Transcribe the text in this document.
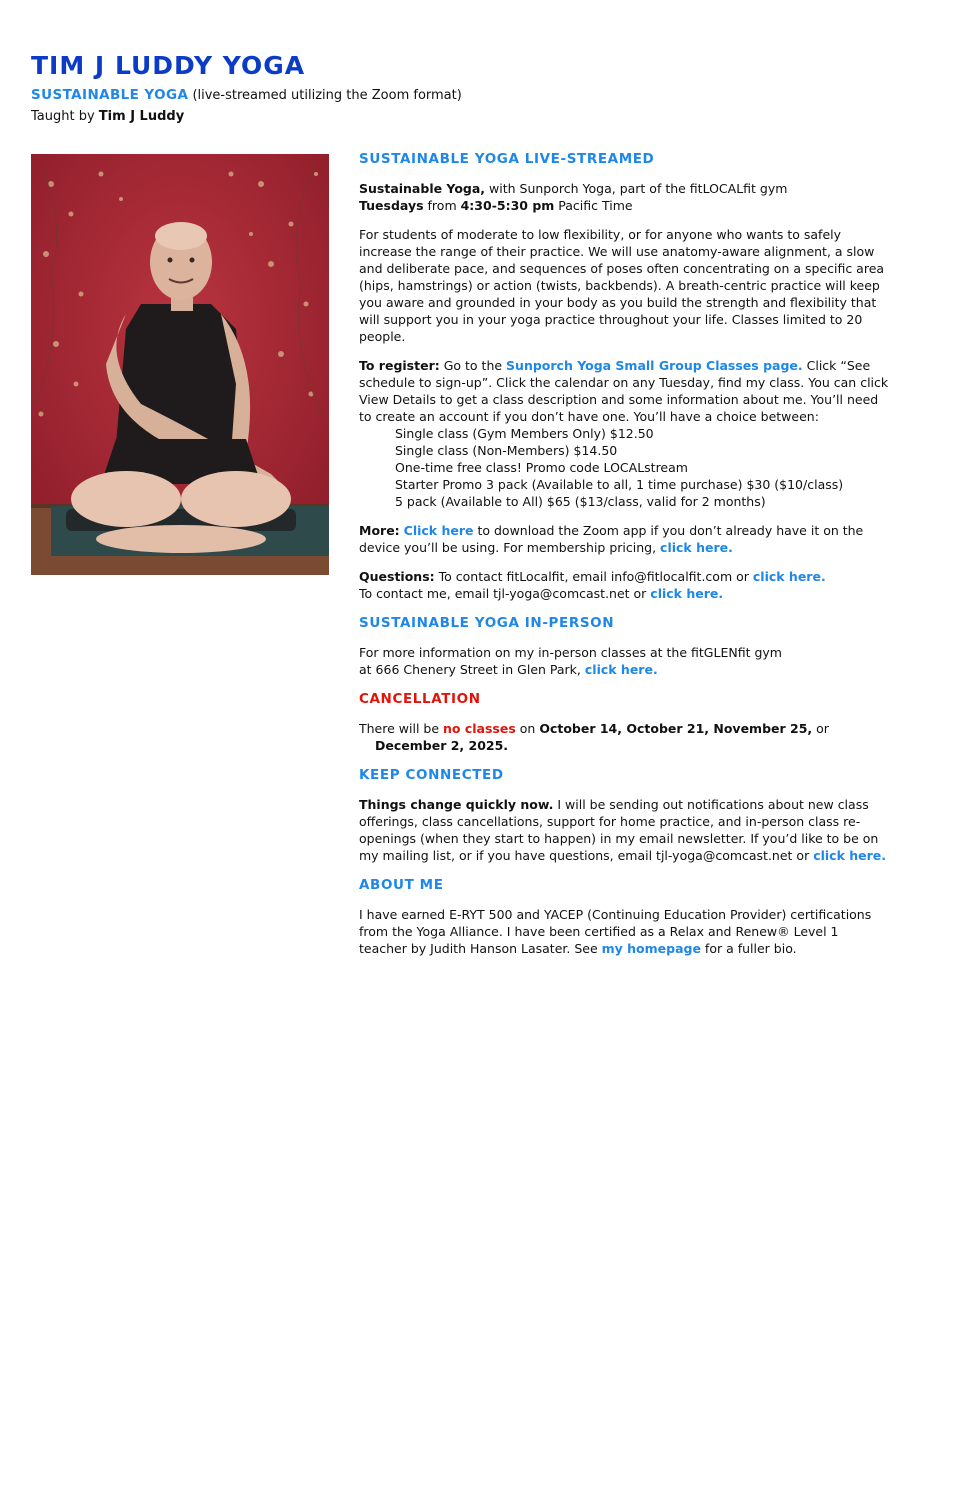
TIM J LUDDY YOGA
SUSTAINABLE YOGA (live-streamed utilizing the Zoom format)
Taught by Tim J Luddy
SUSTAINABLE YOGA LIVE-STREAMED

Sustainable Yoga, with Sunporch Yoga, part of the fitLOCALfit gym
Tuesdays from 4:30-5:30 pm Pacific Time

For students of moderate to low flexibility, or for anyone who wants to safely increase the range of their practice. We will use anatomy-aware alignment, a slow and deliberate pace, and sequences of poses often concentrating on a specific area (hips, hamstrings) or action (twists, backbends). A breath-centric practice will keep you aware and grounded in your body as you build the strength and flexibility that will support you in your yoga practice throughout your life. Classes limited to 20 people.

To register: Go to the Sunporch Yoga Small Group Classes page. Click “See schedule to sign-up”. Click the calendar on any Tuesday, find my class. You can click View Details to get a class description and some information about me. You’ll need to create an account if you don’t have one. You’ll have a choice between:

Single class (Gym Members Only) $12.50
Single class (Non-Members) $14.50
One-time free class! Promo code LOCALstream
Starter Promo 3 pack (Available to all, 1 time purchase) $30 ($10/class)
5 pack (Available to All) $65 ($13/class, valid for 2 months)

More: Click here to download the Zoom app if you don’t already have it on the device you’ll be using. For membership pricing, click here.

Questions: To contact fitLocalfit, email info@fitlocalfit.com or click here.
To contact me, email tjl-yoga@comcast.net or click here.

SUSTAINABLE YOGA IN-PERSON

For more information on my in-person classes at the fitGLENfit gym
at 666 Chenery Street in Glen Park, click here.

CANCELLATION

There will be no classes on October 14, October 21, November 25, or
December 2, 2025.

KEEP CONNECTED

Things change quickly now. I will be sending out notifications about new class offerings, class cancellations, support for home practice, and in-person class re-openings (when they start to happen) in my email newsletter. If you’d like to be on my mailing list, or if you have questions, email tjl-yoga@comcast.net or click here.

ABOUT ME

I have earned E-RYT 500 and YACEP (Continuing Education Provider) certifications from the Yoga Alliance. I have been certified as a Relax and Renew® Level 1 teacher by Judith Hanson Lasater. See my homepage for a fuller bio.
